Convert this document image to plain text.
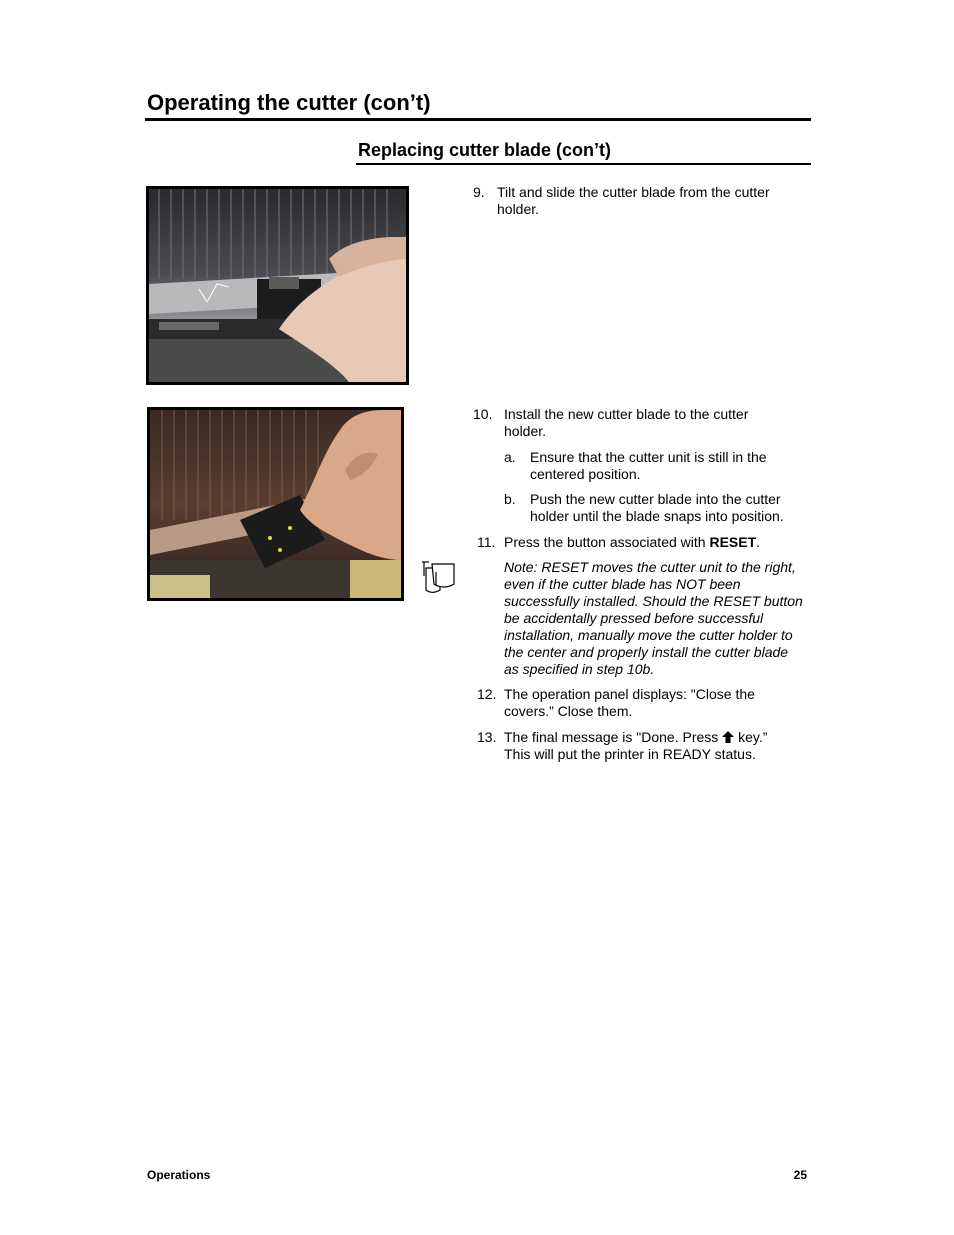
Operating the cutter (con’t)
Replacing cutter blade (con’t)
9. Tilt and slide the cutter blade from the cutter holder.
10. Install the new cutter blade to the cutter holder.
a. Ensure that the cutter unit is still in the centered position.
b. Push the new cutter blade into the cutter holder until the blade snaps into position.
11. Press the button associated with RESET.
Note: RESET moves the cutter unit to the right, even if the cutter blade has NOT been successfully installed. Should the RESET button be accidentally pressed before successful installation, manually move the cutter holder to the center and properly install the cutter blade as specified in step 10b.
12. The operation panel displays: "Close the covers.” Close them.
13. The final message is "Done. Press  key.” This will put the printer in READY status.
Operations	25
